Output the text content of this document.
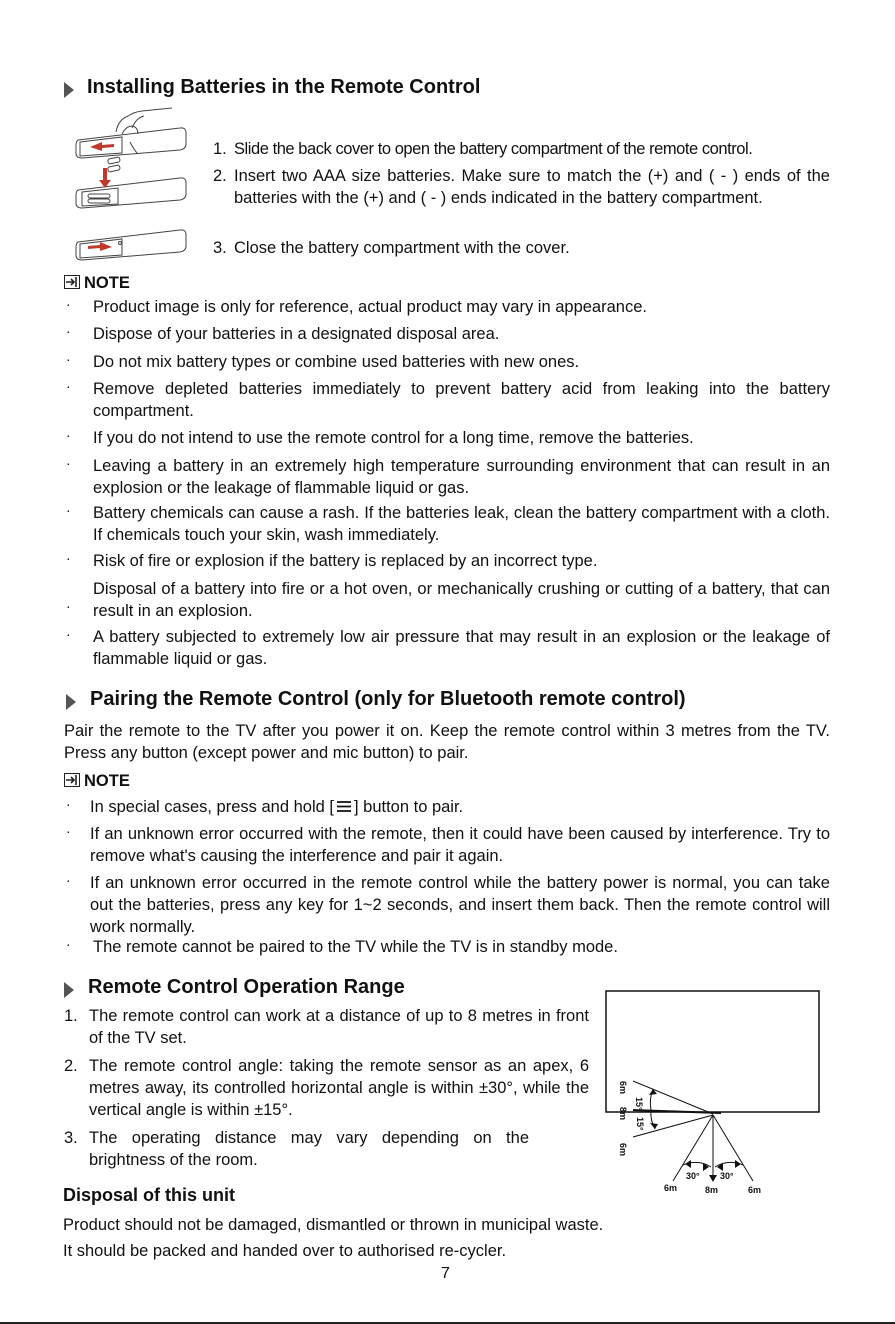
Installing Batteries in the Remote Control
1. Slide the back cover to open the battery compartment of the remote control.
2. Insert two AAA size batteries. Make sure to match the (+) and ( - ) ends of the batteries with the (+) and ( - ) ends indicated in the battery compartment.
3. Close the battery compartment with the cover.
NOTE
· Product image is only for reference, actual product may vary in appearance.
· Dispose of your batteries in a designated disposal area.
· Do not mix battery types or combine used batteries with new ones.
· Remove depleted batteries immediately to prevent battery acid from leaking into the battery compartment.
· If you do not intend to use the remote control for a long time, remove the batteries.
· Leaving a battery in an extremely high temperature surrounding environment that can result in an explosion or the leakage of flammable liquid or gas.
· Battery chemicals can cause a rash. If the batteries leak, clean the battery compartment with a cloth. If chemicals touch your skin, wash immediately.
· Risk of fire or explosion if the battery is replaced by an incorrect type.
·
Disposal of a battery into fire or a hot oven, or mechanically crushing or cutting of a battery, that can result in an explosion.
· A battery subjected to extremely low air pressure that may result in an explosion or the leakage of flammable liquid or gas.
Pairing the Remote Control (only for Bluetooth remote control)
Pair the remote to the TV after you power it on. Keep the remote control within 3 metres from the TV. Press any button (except power and mic button) to pair.
NOTE
· In special cases, press and hold [ ] button to pair.
· If an unknown error occurred with the remote, then it could have been caused by interference. Try to remove what's causing the interference and pair it again.
· If an unknown error occurred in the remote control while the battery power is normal, you can take out the batteries, press any key for 1~2 seconds, and insert them back. Then the remote control will work normally.
· The remote cannot be paired to the TV while the TV is in standby mode.
Remote Control Operation Range
1. The remote control can work at a distance of up to 8 metres in front of the TV set.
2. The remote control angle: taking the remote sensor as an apex, 6 metres away, its controlled horizontal angle is within ±30°, while the vertical angle is within ±15°.
3. The operating distance may vary depending on the brightness of the room.
6m
8m
6m
15°
15°
6m	8m	6m
30° 30°
Disposal of this unit
Product should not be damaged, dismantled or thrown in municipal waste.
It should be packed and handed over to authorised re-cycler.
7
